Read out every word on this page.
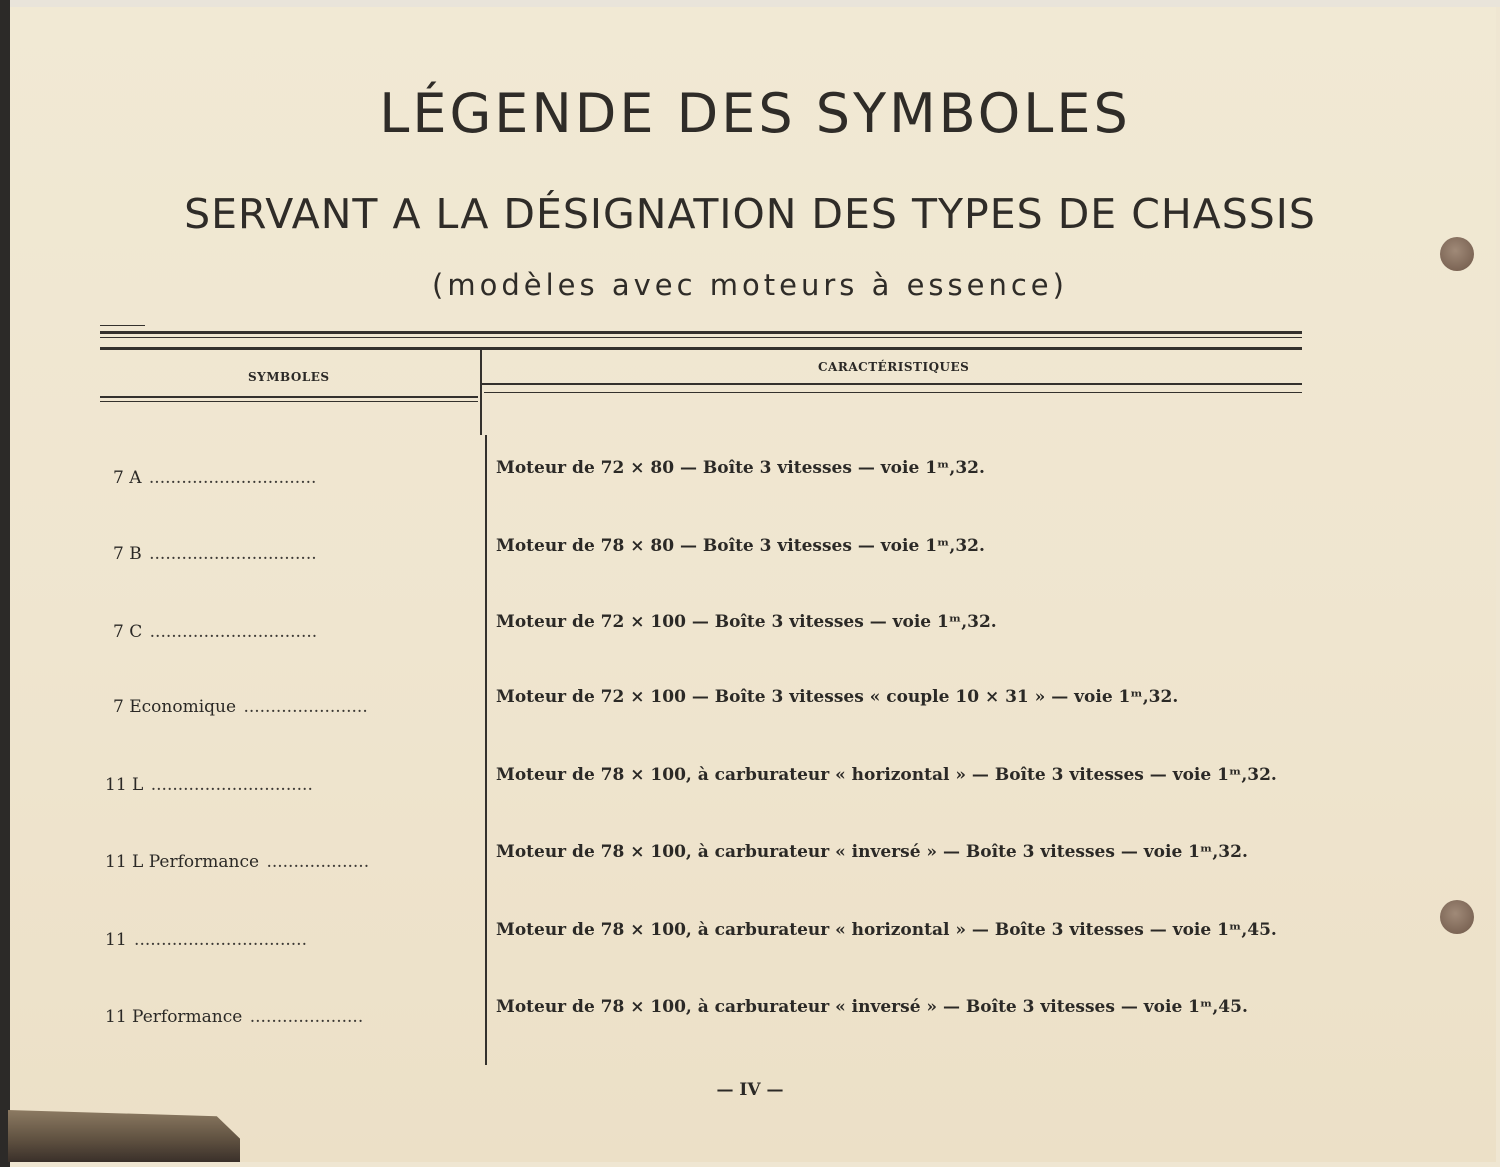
LÉGENDE DES SYMBOLES
SERVANT A LA DÉSIGNATION DES TYPES DE CHASSIS
(modèles avec moteurs à essence)
SYMBOLES
CARACTÉRISTIQUES
7 A ...............................	Moteur de 72 × 80 — Boîte 3 vitesses — voie 1ᵐ,32.
7 B ...............................	Moteur de 78 × 80 — Boîte 3 vitesses — voie 1ᵐ,32.
7 C ...............................	Moteur de 72 × 100 — Boîte 3 vitesses — voie 1ᵐ,32.
7 Economique .......................	Moteur de 72 × 100 — Boîte 3 vitesses « couple 10 × 31 » — voie 1ᵐ,32.
11 L ..............................	Moteur de 78 × 100, à carburateur « horizontal » — Boîte 3 vitesses — voie 1ᵐ,32.
11 L Performance ...................	Moteur de 78 × 100, à carburateur « inversé » — Boîte 3 vitesses — voie 1ᵐ,32.
11 ................................	Moteur de 78 × 100, à carburateur « horizontal » — Boîte 3 vitesses — voie 1ᵐ,45.
11 Performance .....................	Moteur de 78 × 100, à carburateur « inversé » — Boîte 3 vitesses — voie 1ᵐ,45.
— IV —
